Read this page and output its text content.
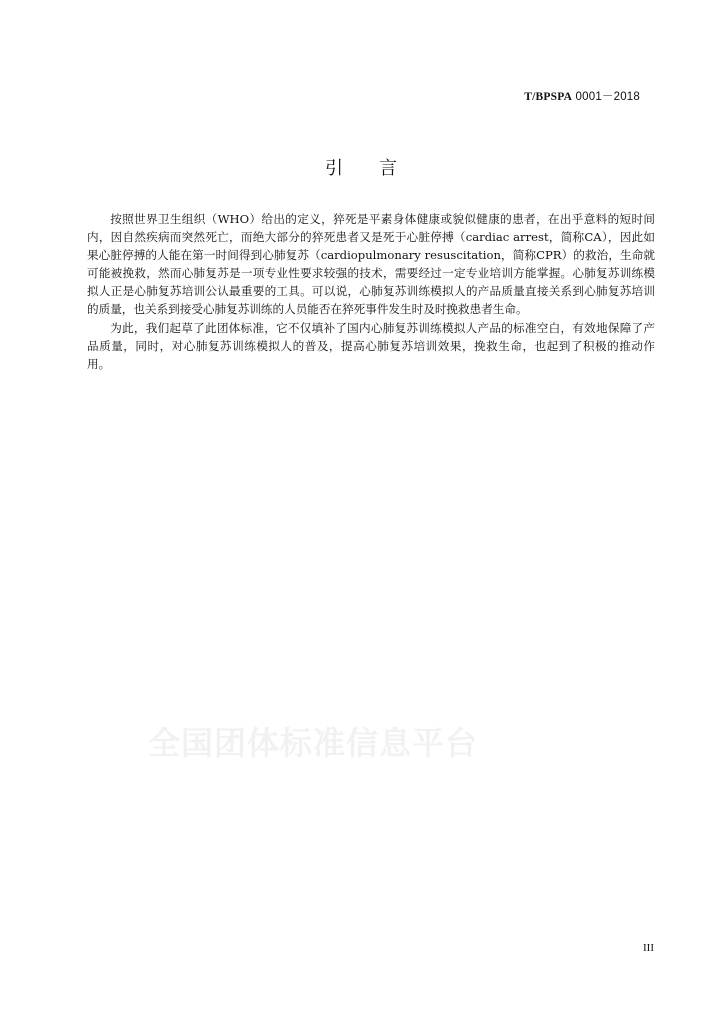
T/BPSPA 0001－2018
引 言

按照世界卫生组织（WHO）给出的定义，猝死是平素身体健康或貌似健康的患者，在出乎意料的短时间内，因自然疾病而突然死亡，而绝大部分的猝死患者又是死于心脏停搏（cardiac arrest，简称CA），因此如果心脏停搏的人能在第一时间得到心肺复苏（cardiopulmonary resuscitation，简称CPR）的救治，生命就可能被挽救，然而心肺复苏是一项专业性要求较强的技术，需要经过一定专业培训方能掌握。心肺复苏训练模拟人正是心肺复苏培训公认最重要的工具。可以说，心肺复苏训练模拟人的产品质量直接关系到心肺复苏培训的质量，也关系到接受心肺复苏训练的人员能否在猝死事件发生时及时挽救患者生命。

为此，我们起草了此团体标准，它不仅填补了国内心肺复苏训练模拟人产品的标准空白，有效地保障了产品质量，同时，对心肺复苏训练模拟人的普及，提高心肺复苏培训效果，挽救生命，也起到了积极的推动作用。

全国团体标准信息平台
III
